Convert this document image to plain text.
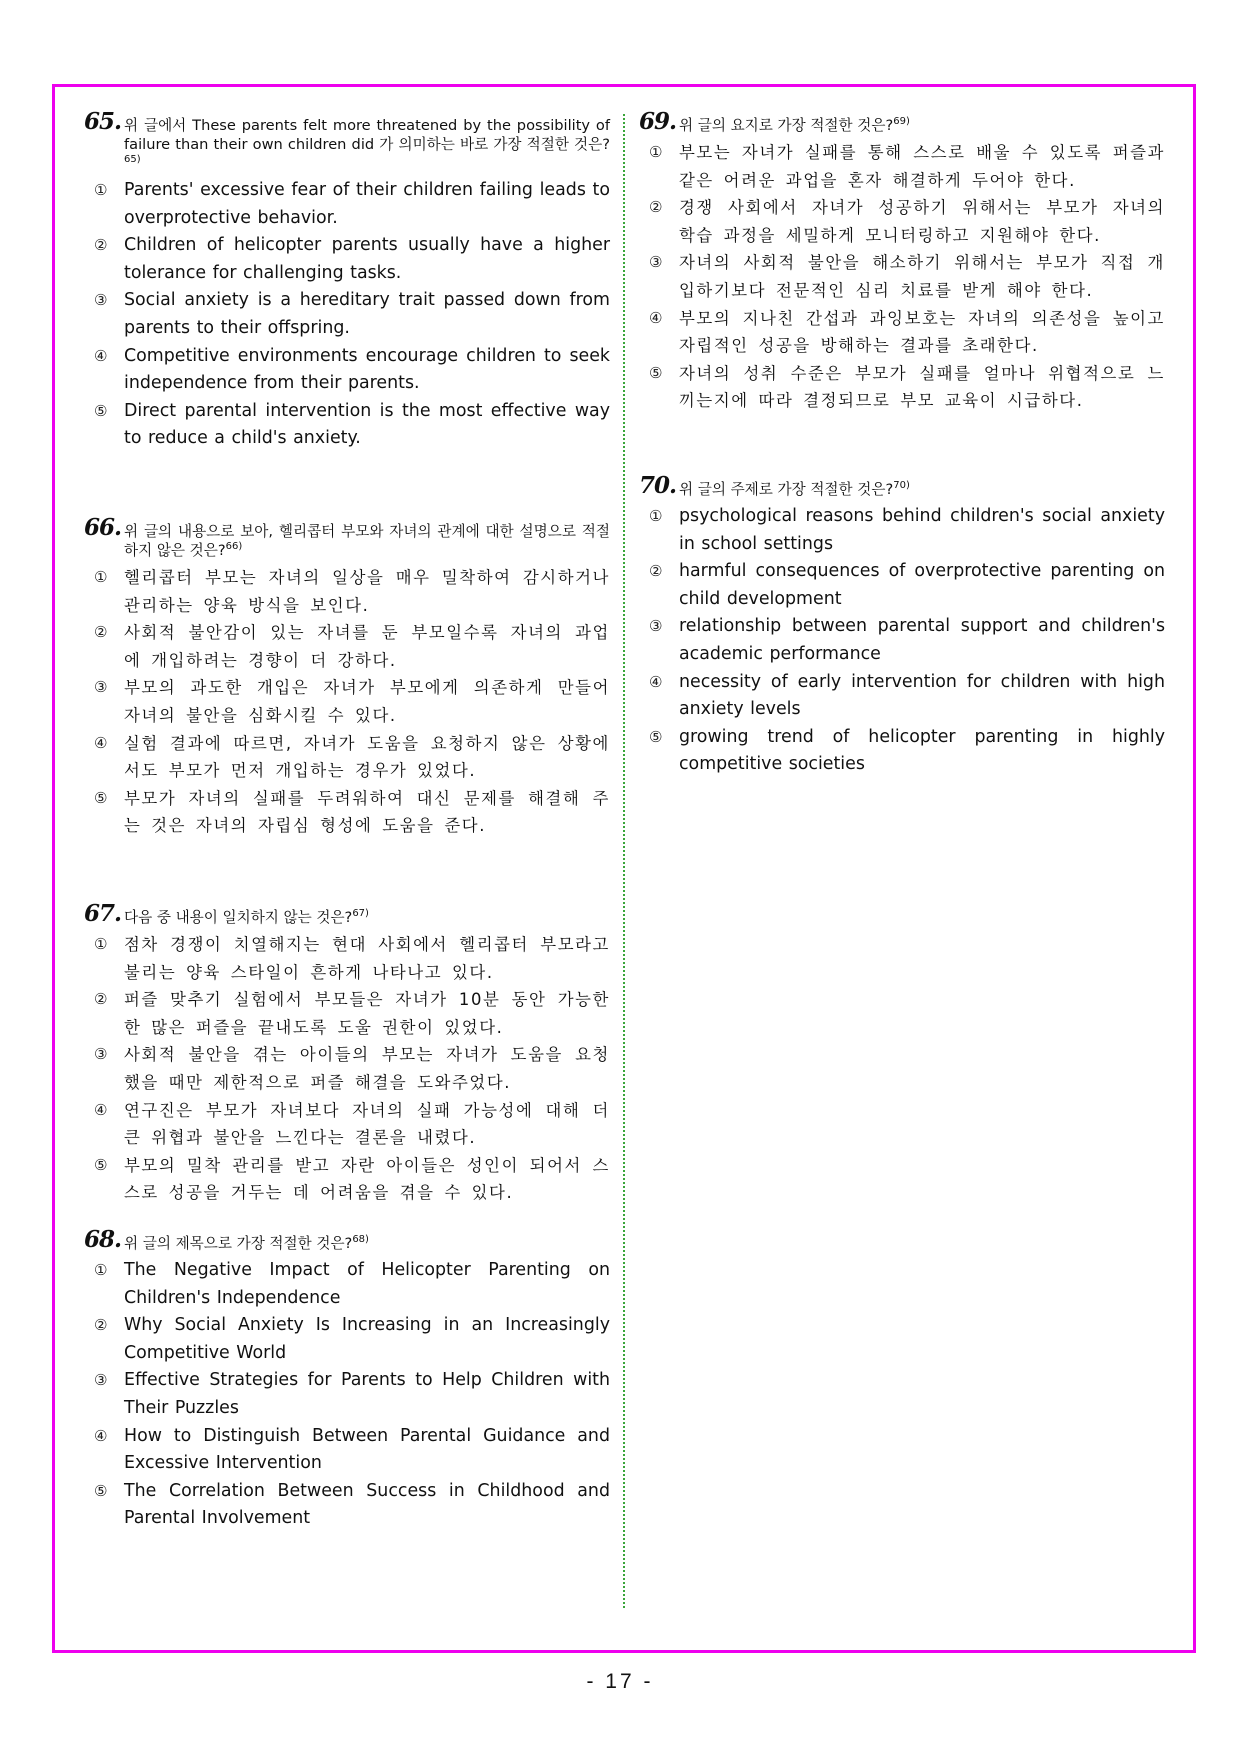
65. 위 글에서 These parents felt more threatened by the possibility of failure than their own children did 가 의미하는 바로 가장 적절한 것은?$^{65)}$
① Parents' excessive fear of their children failing leads to overprotective behavior.
② Children of helicopter parents usually have a higher tolerance for challenging tasks.
③ Social anxiety is a hereditary trait passed down from parents to their offspring.
④ Competitive environments encourage children to seek independence from their parents.
⑤ Direct parental intervention is the most effective way to reduce a child's anxiety.
66. 위 글의 내용으로 보아, 헬리콥터 부모와 자녀의 관계에 대한 설명으로 적절하지 않은 것은?$^{66)}$
① 헬리콥터 부모는 자녀의 일상을 매우 밀착하여 감시하거나 관리하는 양육 방식을 보인다.
② 사회적 불안감이 있는 자녀를 둔 부모일수록 자녀의 과업에 개입하려는 경향이 더 강하다.
③ 부모의 과도한 개입은 자녀가 부모에게 의존하게 만들어 자녀의 불안을 심화시킬 수 있다.
④ 실험 결과에 따르면, 자녀가 도움을 요청하지 않은 상황에서도 부모가 먼저 개입하는 경우가 있었다.
⑤ 부모가 자녀의 실패를 두려워하여 대신 문제를 해결해 주는 것은 자녀의 자립심 형성에 도움을 준다.
67. 다음 중 내용이 일치하지 않는 것은?$^{67)}$
① 점차 경쟁이 치열해지는 현대 사회에서 헬리콥터 부모라고 불리는 양육 스타일이 흔하게 나타나고 있다.
② 퍼즐 맞추기 실험에서 부모들은 자녀가 10분 동안 가능한 한 많은 퍼즐을 끝내도록 도울 권한이 있었다.
③ 사회적 불안을 겪는 아이들의 부모는 자녀가 도움을 요청했을 때만 제한적으로 퍼즐 해결을 도와주었다.
④ 연구진은 부모가 자녀보다 자녀의 실패 가능성에 대해 더 큰 위협과 불안을 느낀다는 결론을 내렸다.
⑤ 부모의 밀착 관리를 받고 자란 아이들은 성인이 되어서 스스로 성공을 거두는 데 어려움을 겪을 수 있다.
68. 위 글의 제목으로 가장 적절한 것은?$^{68)}$
① The Negative Impact of Helicopter Parenting on Children's Independence
② Why Social Anxiety Is Increasing in an Increasingly Competitive World
③ Effective Strategies for Parents to Help Children with Their Puzzles
④ How to Distinguish Between Parental Guidance and Excessive Intervention
⑤ The Correlation Between Success in Childhood and Parental Involvement
69. 위 글의 요지로 가장 적절한 것은?$^{69)}$
① 부모는 자녀가 실패를 통해 스스로 배울 수 있도록 퍼즐과 같은 어려운 과업을 혼자 해결하게 두어야 한다.
② 경쟁 사회에서 자녀가 성공하기 위해서는 부모가 자녀의 학습 과정을 세밀하게 모니터링하고 지원해야 한다.
③ 자녀의 사회적 불안을 해소하기 위해서는 부모가 직접 개입하기보다 전문적인 심리 치료를 받게 해야 한다.
④ 부모의 지나친 간섭과 과잉보호는 자녀의 의존성을 높이고 자립적인 성공을 방해하는 결과를 초래한다.
⑤ 자녀의 성취 수준은 부모가 실패를 얼마나 위협적으로 느끼는지에 따라 결정되므로 부모 교육이 시급하다.
70. 위 글의 주제로 가장 적절한 것은?$^{70)}$
① psychological reasons behind children's social anxiety in school settings
② harmful consequences of overprotective parenting on child development
③ relationship between parental support and children's academic performance
④ necessity of early intervention for children with high anxiety levels
⑤ growing trend of helicopter parenting in highly competitive societies
- 17 -
